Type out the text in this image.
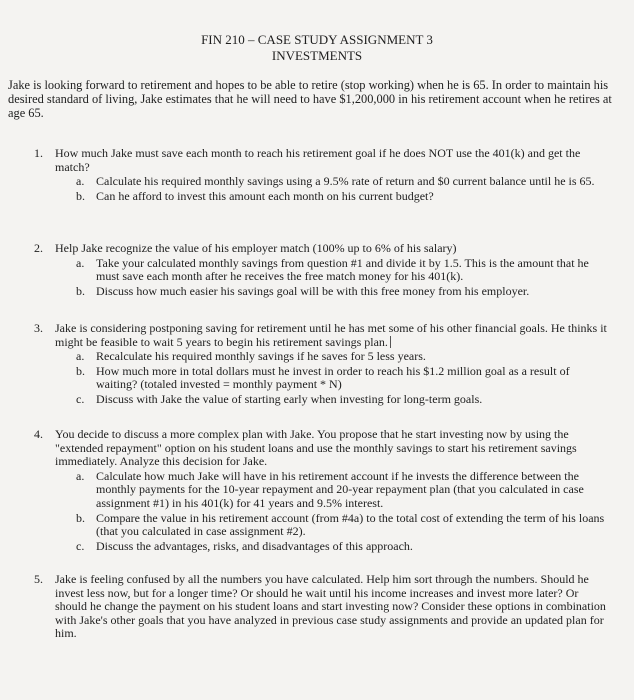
FIN 210 – CASE STUDY ASSIGNMENT 3
INVESTMENTS
Jake is looking forward to retirement and hopes to be able to retire (stop working) when he is 65. In order to maintain his desired standard of living, Jake estimates that he will need to have $1,200,000 in his retirement account when he retires at age 65.
1. How much Jake must save each month to reach his retirement goal if he does NOT use the 401(k) and get the match?
a. Calculate his required monthly savings using a 9.5% rate of return and $0 current balance until he is 65.
b. Can he afford to invest this amount each month on his current budget?
2. Help Jake recognize the value of his employer match (100% up to 6% of his salary)
a. Take your calculated monthly savings from question #1 and divide it by 1.5. This is the amount that he must save each month after he receives the free match money for his 401(k).
b. Discuss how much easier his savings goal will be with this free money from his employer.
3. Jake is considering postponing saving for retirement until he has met some of his other financial goals. He thinks it might be feasible to wait 5 years to begin his retirement savings plan.
a. Recalculate his required monthly savings if he saves for 5 less years.
b. How much more in total dollars must he invest in order to reach his $1.2 million goal as a result of waiting? (totaled invested = monthly payment * N)
c. Discuss with Jake the value of starting early when investing for long-term goals.
4. You decide to discuss a more complex plan with Jake. You propose that he start investing now by using the "extended repayment" option on his student loans and use the monthly savings to start his retirement savings immediately. Analyze this decision for Jake.
a. Calculate how much Jake will have in his retirement account if he invests the difference between the monthly payments for the 10-year repayment and 20-year repayment plan (that you calculated in case assignment #1) in his 401(k) for 41 years and 9.5% interest.
b. Compare the value in his retirement account (from #4a) to the total cost of extending the term of his loans (that you calculated in case assignment #2).
c. Discuss the advantages, risks, and disadvantages of this approach.
5. Jake is feeling confused by all the numbers you have calculated. Help him sort through the numbers. Should he invest less now, but for a longer time? Or should he wait until his income increases and invest more later? Or should he change the payment on his student loans and start investing now? Consider these options in combination with Jake's other goals that you have analyzed in previous case study assignments and provide an updated plan for him.
